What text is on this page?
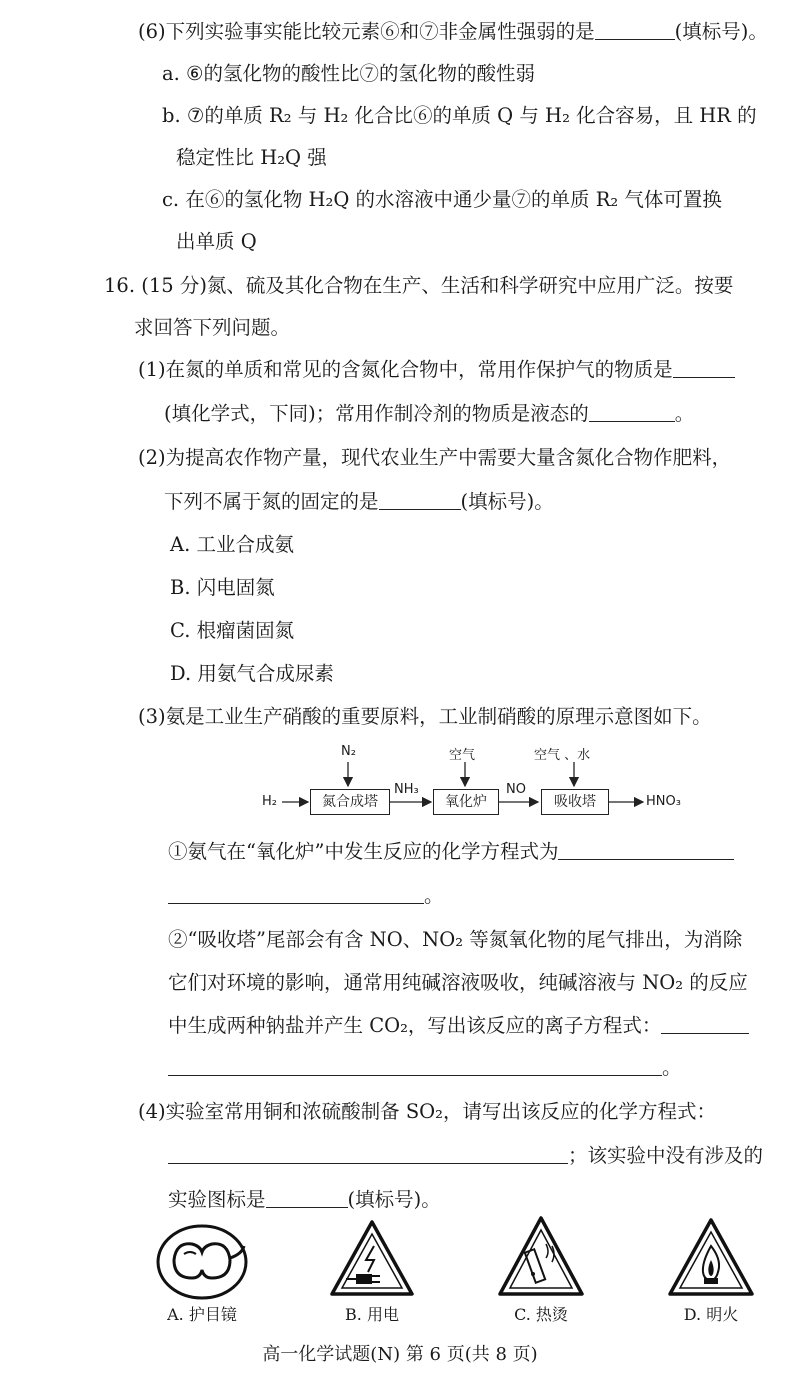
(6)下列实验事实能比较元素⑥和⑦非金属性强弱的是	(填标号)。
a. ⑥的氢化物的酸性比⑦的氢化物的酸性弱
b. ⑦的单质 R₂ 与 H₂ 化合比⑥的单质 Q 与 H₂ 化合容易，且 HR 的
稳定性比 H₂Q 强
c. 在⑥的氢化物 H₂Q 的水溶液中通少量⑦的单质 R₂ 气体可置换
出单质 Q
16. (15 分)氮、硫及其化合物在生产、生活和科学研究中应用广泛。按要
求回答下列问题。
(1)在氮的单质和常见的含氮化合物中，常用作保护气的物质是
(填化学式，下同)；常用作制冷剂的物质是液态的	。
(2)为提高农作物产量，现代农业生产中需要大量含氮化合物作肥料，
下列不属于氮的固定的是	(填标号)。
A. 工业合成氨
B. 闪电固氮
C. 根瘤菌固氮
D. 用氨气合成尿素
(3)氨是工业生产硝酸的重要原料，工业制硝酸的原理示意图如下。
N₂	空气	空气 、水
H₂	氮合成塔
NH₃
氧化炉
NO
吸收塔	HNO₃
①氨气在“氧化炉”中发生反应的化学方程式为
。
②“吸收塔”尾部会有含 NO、NO₂ 等氮氧化物的尾气排出，为消除
它们对环境的影响，通常用纯碱溶液吸收，纯碱溶液与 NO₂ 的反应
中生成两种钠盐并产生 CO₂，写出该反应的离子方程式：
。
(4)实验室常用铜和浓硫酸制备 SO₂，请写出该反应的化学方程式：
；该实验中没有涉及的
实验图标是	(填标号)。
A. 护目镜	B. 用电	C. 热烫	D. 明火
高一化学试题(N) 第 6 页(共 8 页)
